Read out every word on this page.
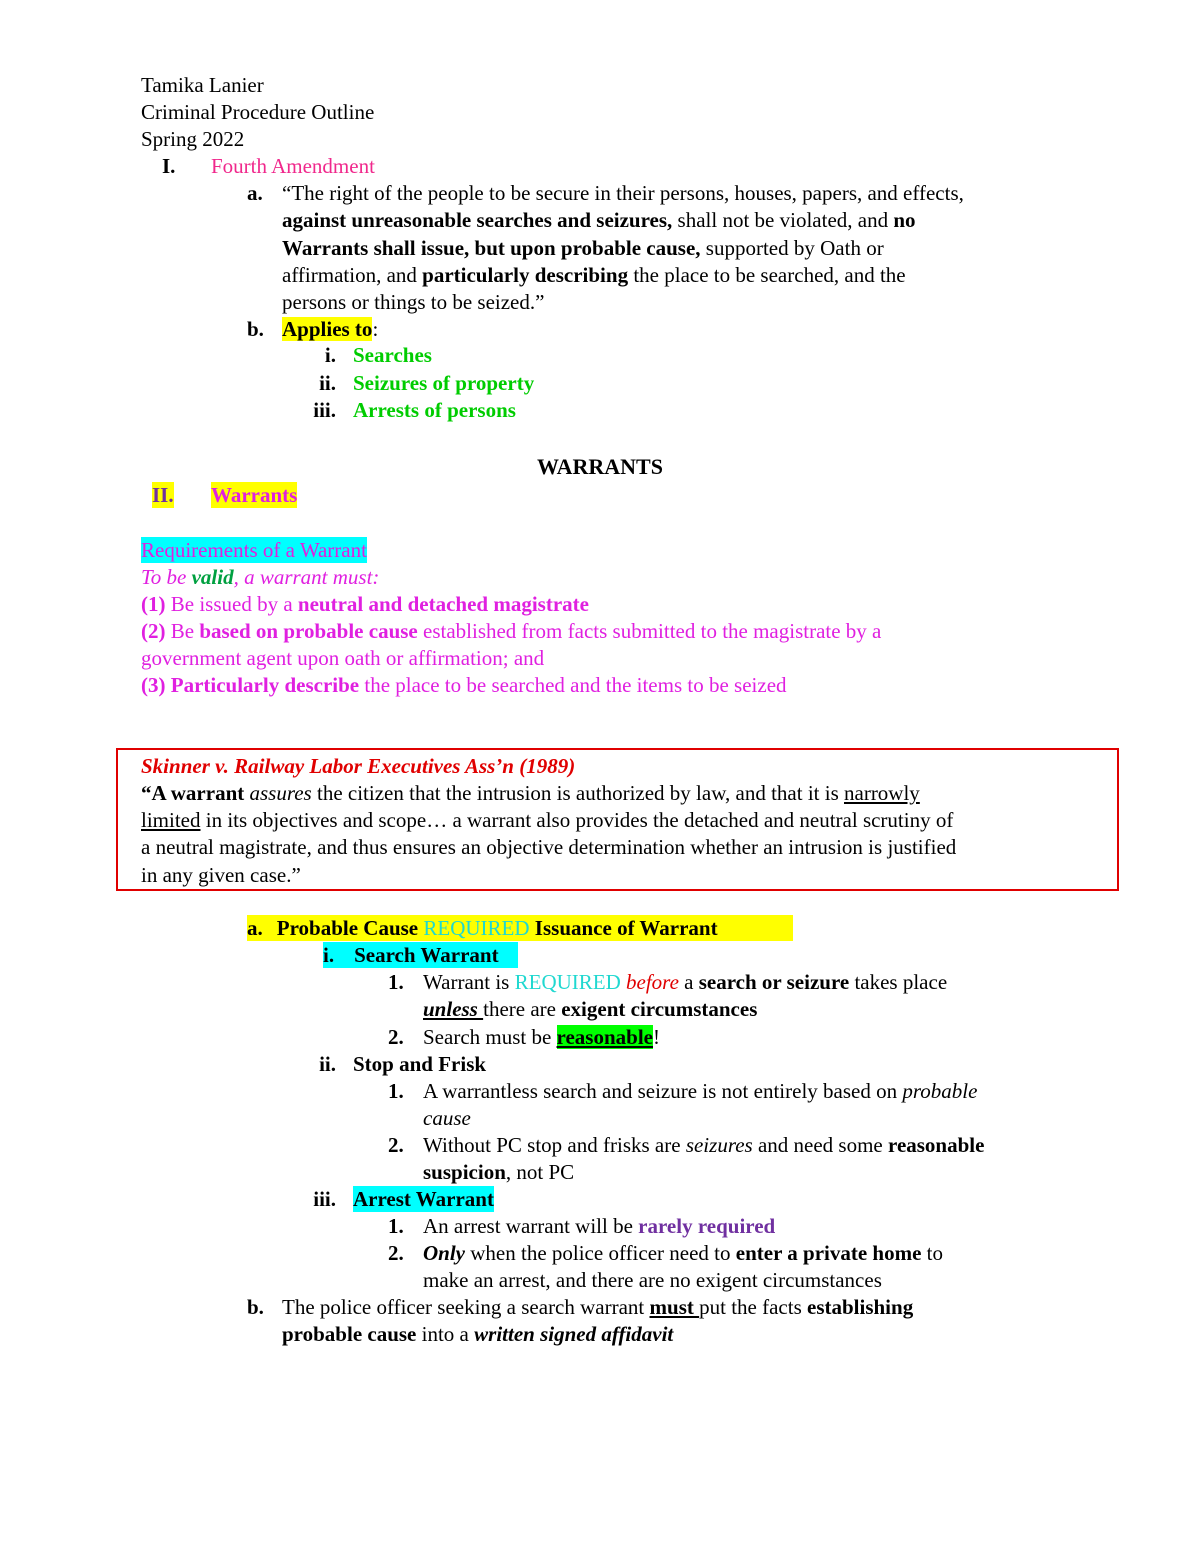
Tamika Lanier
Criminal Procedure Outline
Spring 2022
I. Fourth Amendment
a. “The right of the people to be secure in their persons, houses, papers, and effects,
against unreasonable searches and seizures, shall not be violated, and no
Warrants shall issue, but upon probable cause, supported by Oath or
affirmation, and particularly describing the place to be searched, and the
persons or things to be seized.”
b. Applies to:
i. Searches
ii. Seizures of property
iii. Arrests of persons
WARRANTS
II. Warrants
Requirements of a Warrant
To be valid, a warrant must:
(1) Be issued by a neutral and detached magistrate
(2) Be based on probable cause established from facts submitted to the magistrate by a
government agent upon oath or affirmation; and
(3) Particularly describe the place to be searched and the items to be seized
Skinner v. Railway Labor Executives Ass’n (1989)
“A warrant assures the citizen that the intrusion is authorized by law, and that it is narrowly
limited in its objectives and scope… a warrant also provides the detached and neutral scrutiny of
a neutral magistrate, and thus ensures an objective determination whether an intrusion is justified
in any given case.”
a. Probable Cause REQUIRED Issuance of Warrant
i. Search Warrant
1. Warrant is REQUIRED before a search or seizure takes place
unless there are exigent circumstances
2. Search must be reasonable!
ii. Stop and Frisk
1. A warrantless search and seizure is not entirely based on probable
cause
2. Without PC stop and frisks are seizures and need some reasonable
suspicion, not PC
iii. Arrest Warrant
1. An arrest warrant will be rarely required
2. Only when the police officer need to enter a private home to
make an arrest, and there are no exigent circumstances
b. The police officer seeking a search warrant must put the facts establishing
probable cause into a written signed affidavit
